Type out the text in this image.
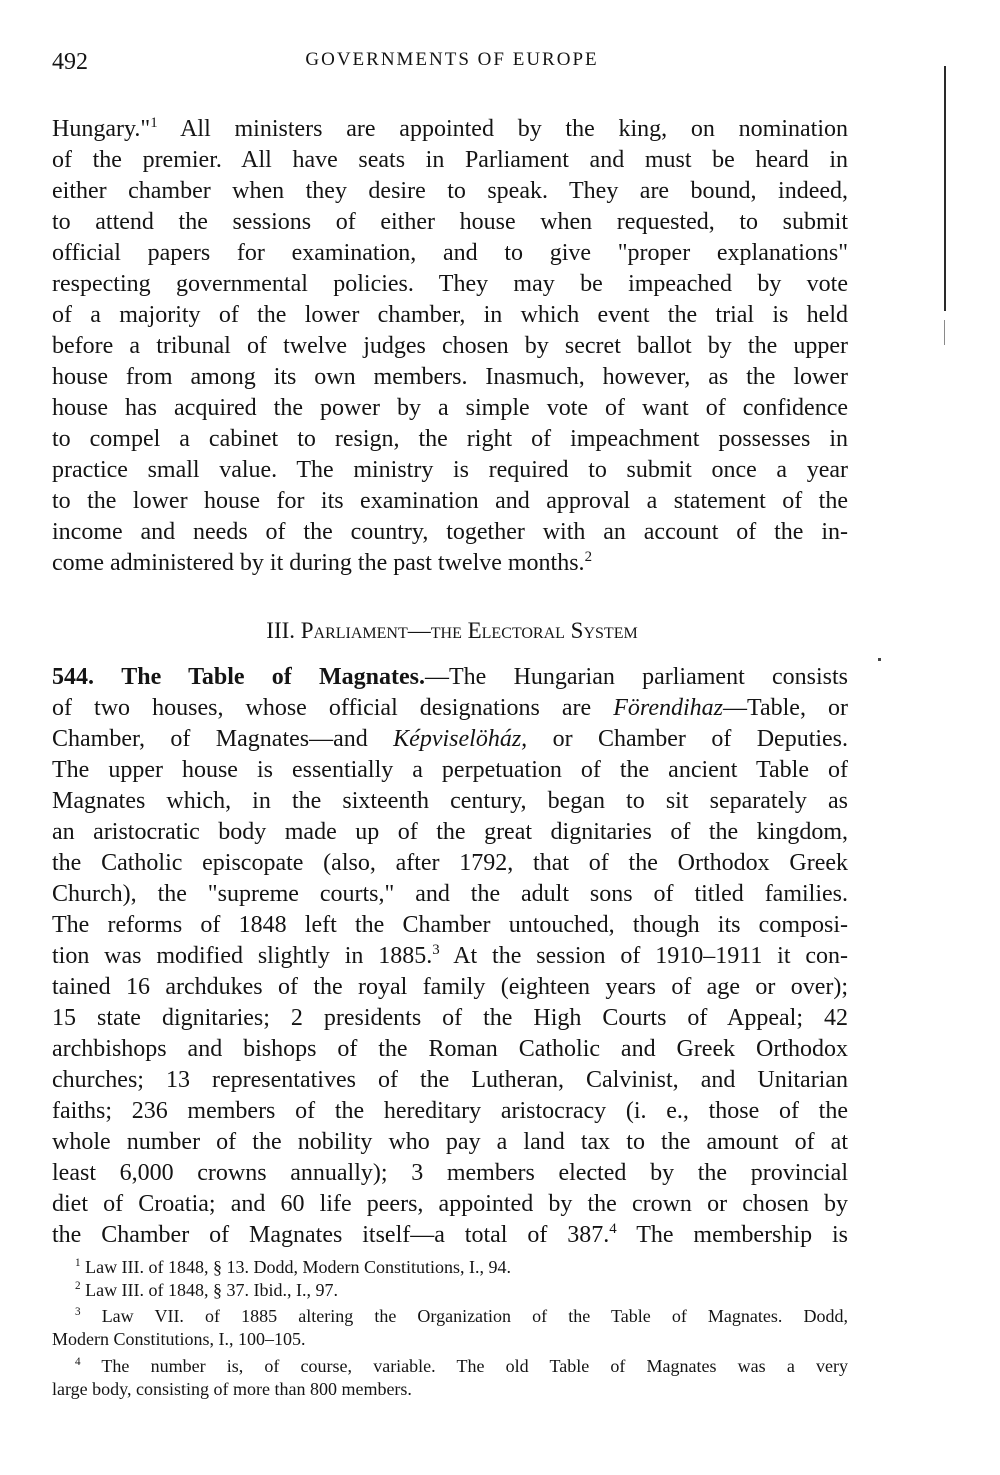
492	GOVERNMENTS OF EUROPE
Hungary."$^1$ All ministers are appointed by the king, on nomination
of the premier. All have seats in Parliament and must be heard in
either chamber when they desire to speak. They are bound, indeed,
to attend the sessions of either house when requested, to submit
official papers for examination, and to give "proper explanations"
respecting governmental policies. They may be impeached by vote
of a majority of the lower chamber, in which event the trial is held
before a tribunal of twelve judges chosen by secret ballot by the upper
house from among its own members. Inasmuch, however, as the lower
house has acquired the power by a simple vote of want of confidence
to compel a cabinet to resign, the right of impeachment possesses in
practice small value. The ministry is required to submit once a year
to the lower house for its examination and approval a statement of the
income and needs of the country, together with an account of the in-
come administered by it during the past twelve months.$^2$
III. Parliament—the Electoral System
544. The Table of Magnates.—The Hungarian parliament consists
of two houses, whose official designations are Förendihaz—Table, or
Chamber, of Magnates—and Képviselöház, or Chamber of Deputies.
The upper house is essentially a perpetuation of the ancient Table of
Magnates which, in the sixteenth century, began to sit separately as
an aristocratic body made up of the great dignitaries of the kingdom,
the Catholic episcopate (also, after 1792, that of the Orthodox Greek
Church), the "supreme courts," and the adult sons of titled families.
The reforms of 1848 left the Chamber untouched, though its composi-
tion was modified slightly in 1885.$^3$ At the session of 1910–1911 it con-
tained 16 archdukes of the royal family (eighteen years of age or over);
15 state dignitaries; 2 presidents of the High Courts of Appeal; 42
archbishops and bishops of the Roman Catholic and Greek Orthodox
churches; 13 representatives of the Lutheran, Calvinist, and Unitarian
faiths; 236 members of the hereditary aristocracy (i. e., those of the
whole number of the nobility who pay a land tax to the amount of at
least 6,000 crowns annually); 3 members elected by the provincial
diet of Croatia; and 60 life peers, appointed by the crown or chosen by
the Chamber of Magnates itself—a total of 387.$^4$ The membership is
$^1$ Law III. of 1848, § 13. Dodd, Modern Constitutions, I., 94.
$^2$ Law III. of 1848, § 37. Ibid., I., 97.
$^3$ Law VII. of 1885 altering the Organization of the Table of Magnates. Dodd,
Modern Constitutions, I., 100–105.
$^4$ The number is, of course, variable. The old Table of Magnates was a very
large body, consisting of more than 800 members.
